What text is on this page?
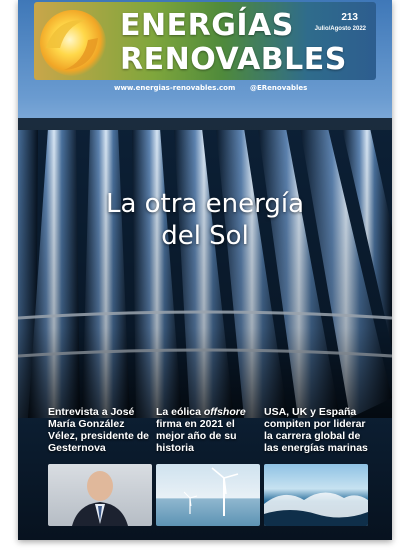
ENERGÍAS
RENOVABLES
213
Julio/Agosto 2022
www.energias-renovables.com @ERenovables
La otra energía
del Sol
Entrevista a José María González Vélez, presidente de Gesternova
La eólica offshore firma en 2021 el mejor año de su historia
USA, UK y España compiten por liderar la carrera global de las energías marinas
